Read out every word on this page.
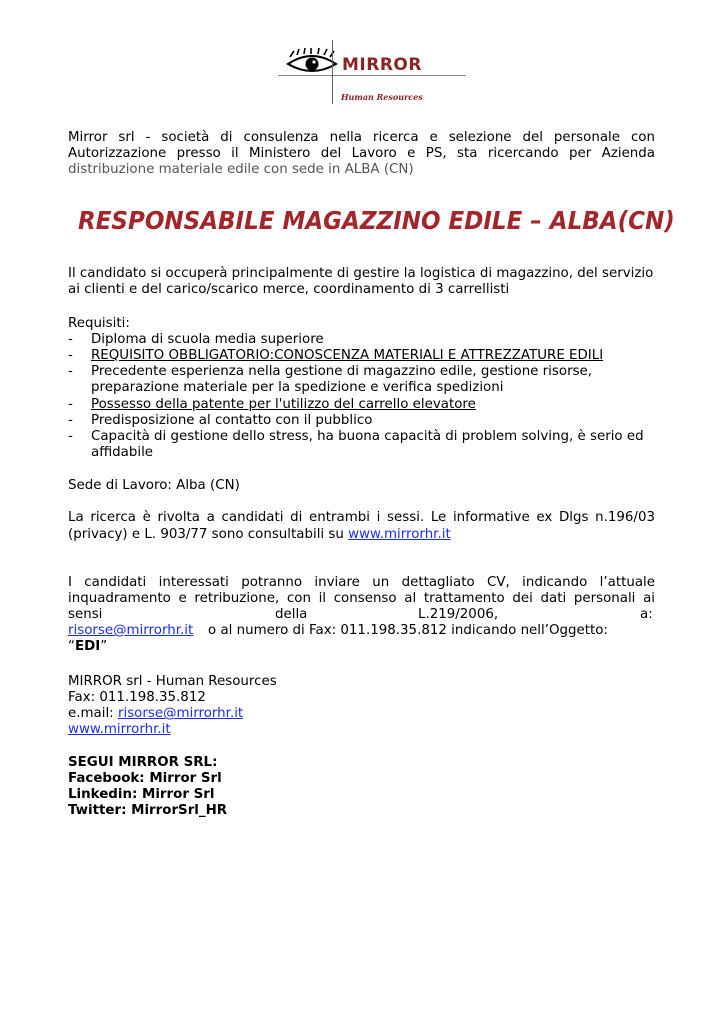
MIRROR
Human Resources
Mirror srl - società di consulenza nella ricerca e selezione del personale con
Autorizzazione presso il Ministero del Lavoro e PS, sta ricercando per Azienda
distribuzione materiale edile con sede in ALBA (CN)
RESPONSABILE MAGAZZINO EDILE – ALBA(CN)
Il candidato si occuperà principalmente di gestire la logistica di magazzino, del servizio
ai clienti e del carico/scarico merce, coordinamento di 3 carrellisti
Requisiti:
- Diploma di scuola media superiore
- REQUISITO OBBLIGATORIO:CONOSCENZA MATERIALI E ATTREZZATURE EDILI
- Precedente esperienza nella gestione di magazzino edile, gestione risorse,
preparazione materiale per la spedizione e verifica spedizioni
- Possesso della patente per l'utilizzo del carrello elevatore
- Predisposizione al contatto con il pubblico
- Capacità di gestione dello stress, ha buona capacità di problem solving, è serio ed
affidabile
Sede di Lavoro: Alba (CN)
La ricerca è rivolta a candidati di entrambi i sessi. Le informative ex Dlgs n.196/03
(privacy) e L. 903/77 sono consultabili su www.mirrorhr.it
I candidati interessati potranno inviare un dettagliato CV, indicando l’attuale
inquadramento e retribuzione, con il consenso al trattamento dei dati personali ai
sensi	della	L.219/2006,	a:
risorse@mirrorhr.it o al numero di Fax: 011.198.35.812 indicando nell’Oggetto:
“EDI”
MIRROR srl - Human Resources
Fax: 011.198.35.812
e.mail: risorse@mirrorhr.it
www.mirrorhr.it
SEGUI MIRROR SRL:
Facebook: Mirror Srl
Linkedin: Mirror Srl
Twitter: MirrorSrl_HR
